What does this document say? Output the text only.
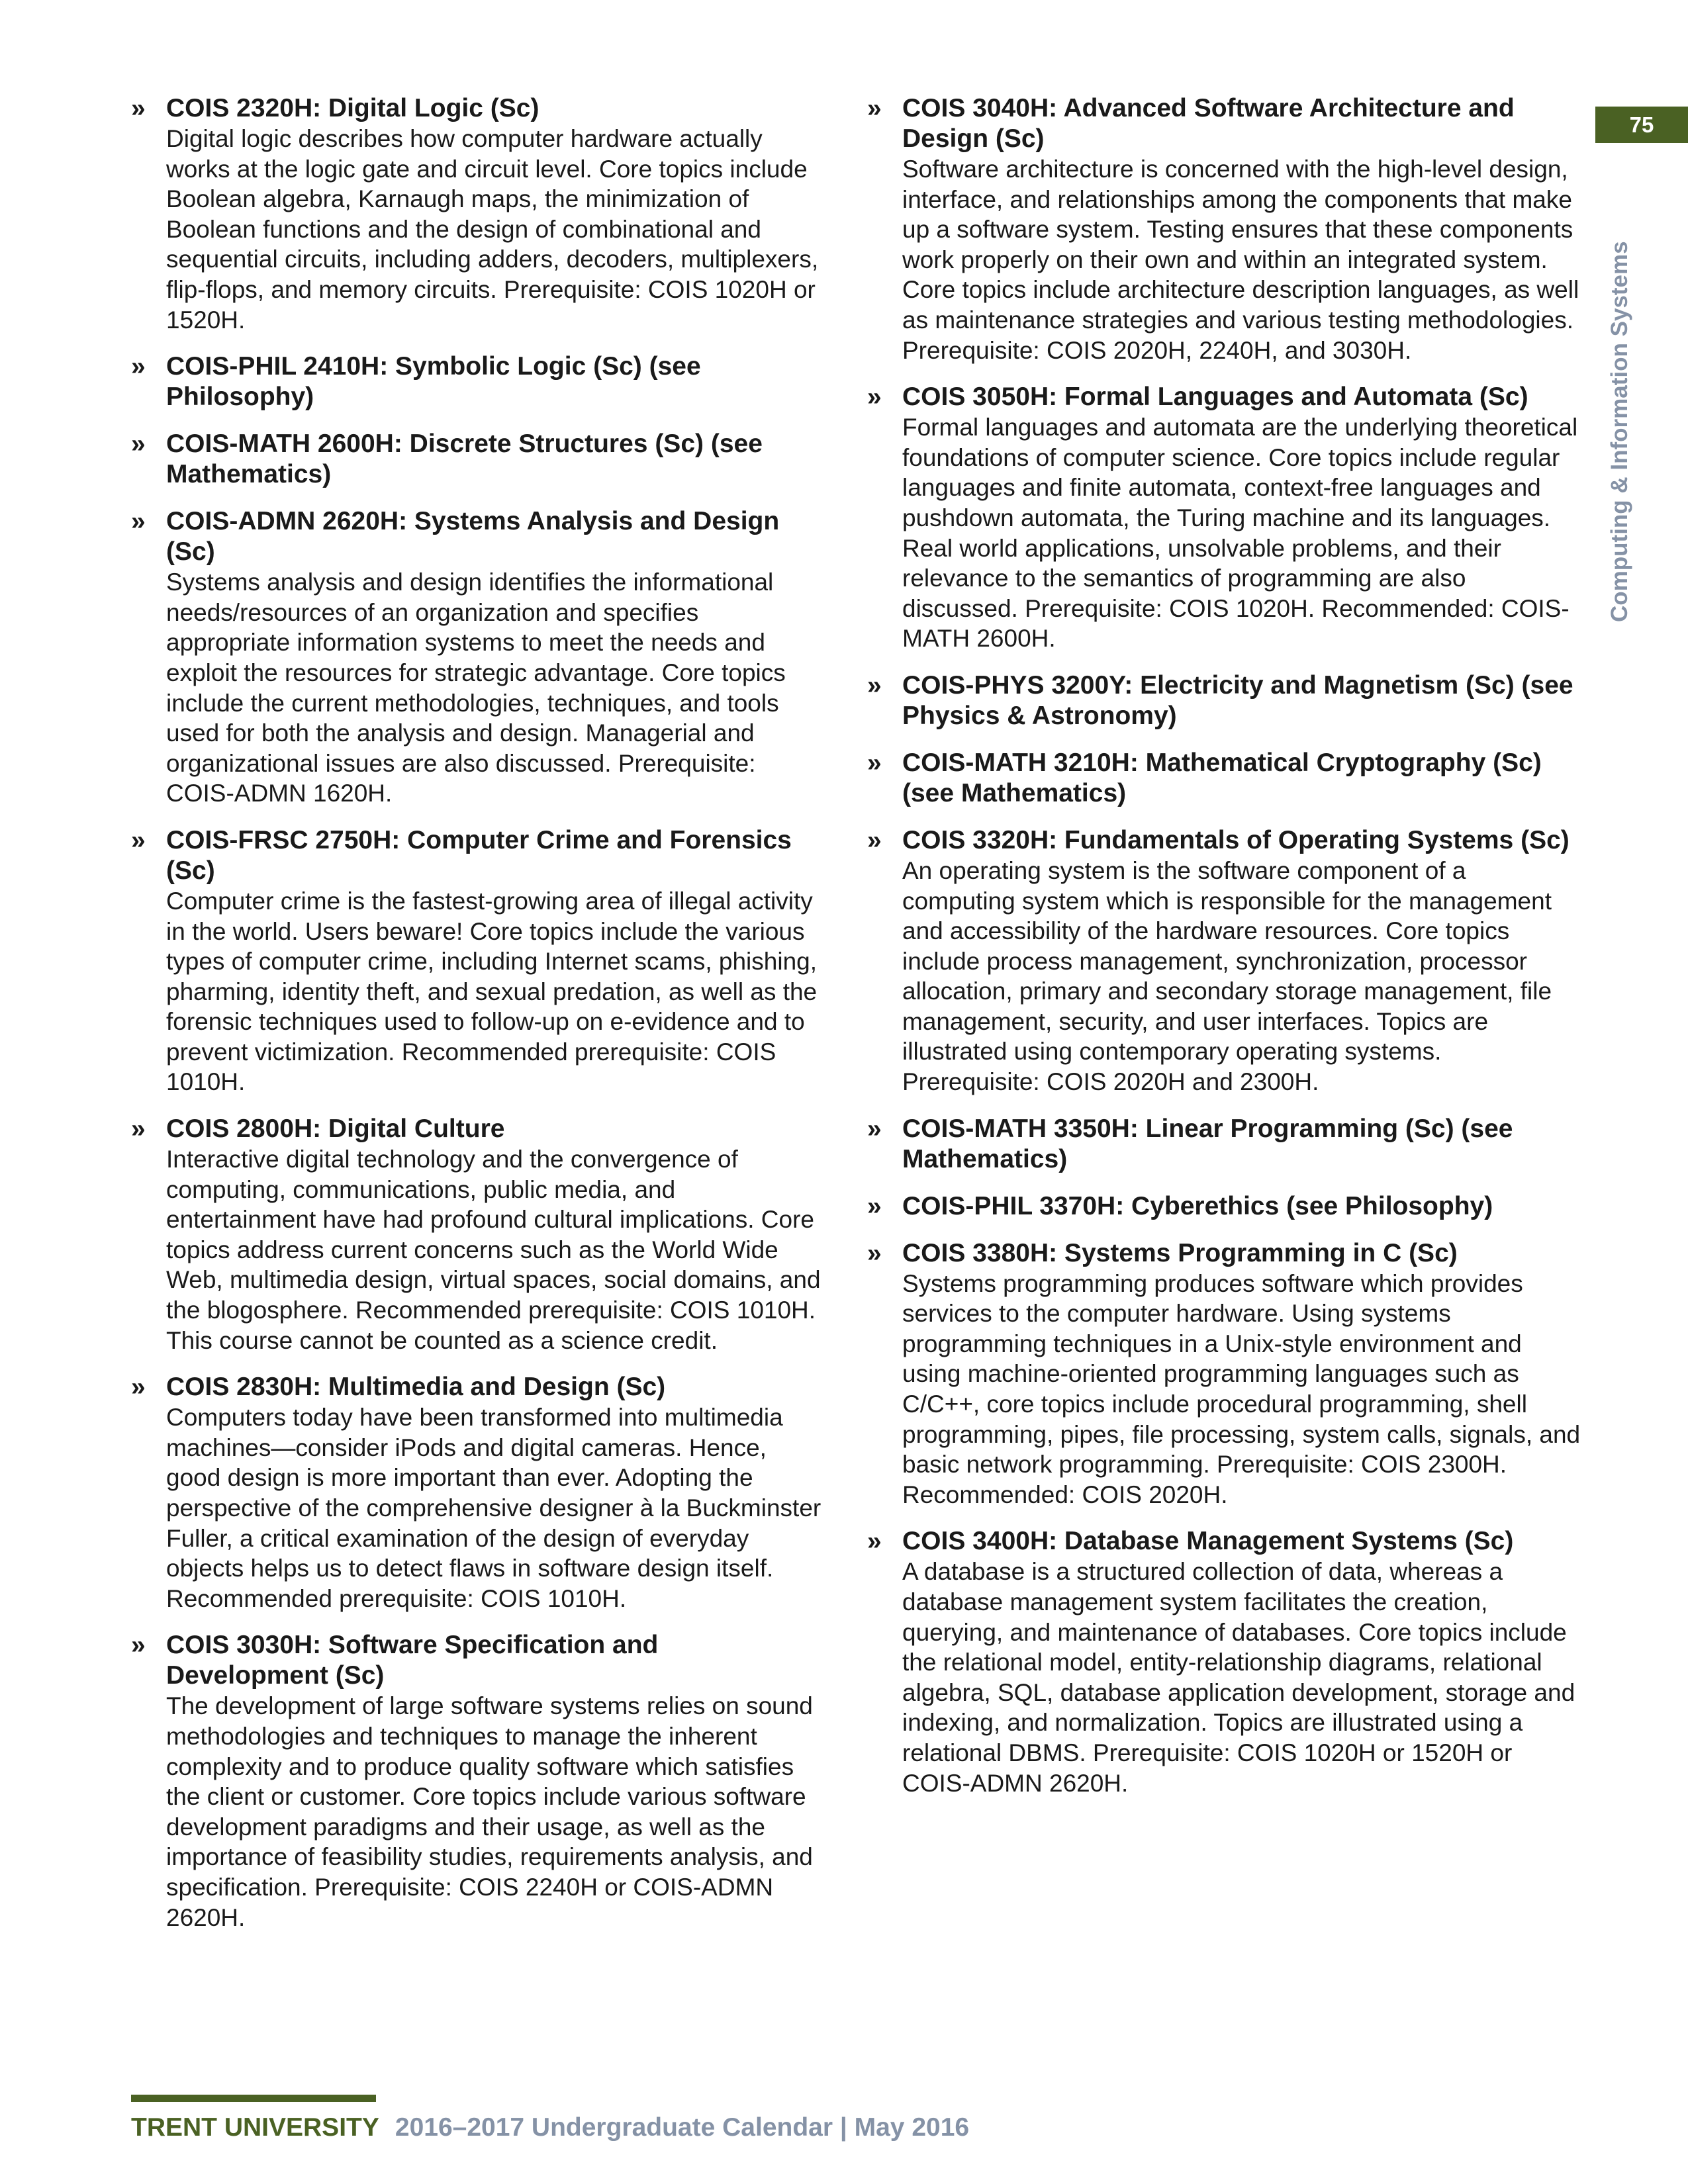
» COIS 2320H: Digital Logic (Sc)

Digital logic describes how computer hardware actually works at the logic gate and circuit level. Core topics include Boolean algebra, Karnaugh maps, the minimization of Boolean functions and the design of combinational and sequential circuits, including adders, decoders, multiplexers, flip-flops, and memory circuits. Prerequisite: COIS 1020H or 1520H.

» COIS-PHIL 2410H: Symbolic Logic (Sc) (see Philosophy)

» COIS-MATH 2600H: Discrete Structures (Sc) (see Mathematics)

» COIS-ADMN 2620H: Systems Analysis and Design (Sc)

Systems analysis and design identifies the informational needs/resources of an organization and specifies appropriate information systems to meet the needs and exploit the resources for strategic advantage. Core topics include the current methodologies, techniques, and tools used for both the analysis and design. Managerial and organizational issues are also discussed. Prerequisite: COIS-ADMN 1620H.

» COIS-FRSC 2750H: Computer Crime and Forensics (Sc)

Computer crime is the fastest-growing area of illegal activity in the world. Users beware! Core topics include the various types of computer crime, including Internet scams, phishing, pharming, identity theft, and sexual predation, as well as the forensic techniques used to follow-up on e-evidence and to prevent victimization. Recommended prerequisite: COIS 1010H.

» COIS 2800H: Digital Culture

Interactive digital technology and the convergence of computing, communications, public media, and entertainment have had profound cultural implications. Core topics address current concerns such as the World Wide Web, multimedia design, virtual spaces, social domains, and the blogosphere. Recommended prerequisite: COIS 1010H. This course cannot be counted as a science credit.

» COIS 2830H: Multimedia and Design (Sc)

Computers today have been transformed into multimedia machines—consider iPods and digital cameras. Hence, good design is more important than ever. Adopting the perspective of the comprehensive designer à la Buckminster Fuller, a critical examination of the design of everyday objects helps us to detect flaws in software design itself. Recommended prerequisite: COIS 1010H.

» COIS 3030H: Software Specification and Development (Sc)

The development of large software systems relies on sound methodologies and techniques to manage the inherent complexity and to produce quality software which satisfies the client or customer. Core topics include various software development paradigms and their usage, as well as the importance of feasibility studies, requirements analysis, and specification. Prerequisite: COIS 2240H or COIS-ADMN 2620H.

» COIS 3040H: Advanced Software Architecture and Design (Sc)

Software architecture is concerned with the high-level design, interface, and relationships among the components that make up a software system. Testing ensures that these components work properly on their own and within an integrated system. Core topics include architecture description languages, as well as maintenance strategies and various testing methodologies. Prerequisite: COIS 2020H, 2240H, and 3030H.

» COIS 3050H: Formal Languages and Automata (Sc)

Formal languages and automata are the underlying theoretical foundations of computer science. Core topics include regular languages and finite automata, context-free languages and pushdown automata, the Turing machine and its languages. Real world applications, unsolvable problems, and their relevance to the semantics of programming are also discussed. Prerequisite: COIS 1020H. Recommended: COIS-MATH 2600H.

» COIS-PHYS 3200Y: Electricity and Magnetism (Sc) (see Physics & Astronomy)

» COIS-MATH 3210H: Mathematical Cryptography (Sc) (see Mathematics)

» COIS 3320H: Fundamentals of Operating Systems (Sc)

An operating system is the software component of a computing system which is responsible for the management and accessibility of the hardware resources. Core topics include process management, synchronization, processor allocation, primary and secondary storage management, file management, security, and user interfaces. Topics are illustrated using contemporary operating systems. Prerequisite: COIS 2020H and 2300H.

» COIS-MATH 3350H: Linear Programming (Sc) (see Mathematics)

» COIS-PHIL 3370H: Cyberethics (see Philosophy)

» COIS 3380H: Systems Programming in C (Sc)

Systems programming produces software which provides services to the computer hardware. Using systems programming techniques in a Unix-style environment and using machine-oriented programming languages such as C/C++, core topics include procedural programming, shell programming, pipes, file processing, system calls, signals, and basic network programming. Prerequisite: COIS 2300H. Recommended: COIS 2020H.

» COIS 3400H: Database Management Systems (Sc)

A database is a structured collection of data, whereas a database management system facilitates the creation, querying, and maintenance of databases. Core topics include the relational model, entity-relationship diagrams, relational algebra, SQL, database application development, storage and indexing, and normalization. Topics are illustrated using a relational DBMS. Prerequisite: COIS 1020H or 1520H or COIS-ADMN 2620H.

75
Computing & Information Systems
TRENT UNIVERSITY 2016–2017 Undergraduate Calendar | May 2016
